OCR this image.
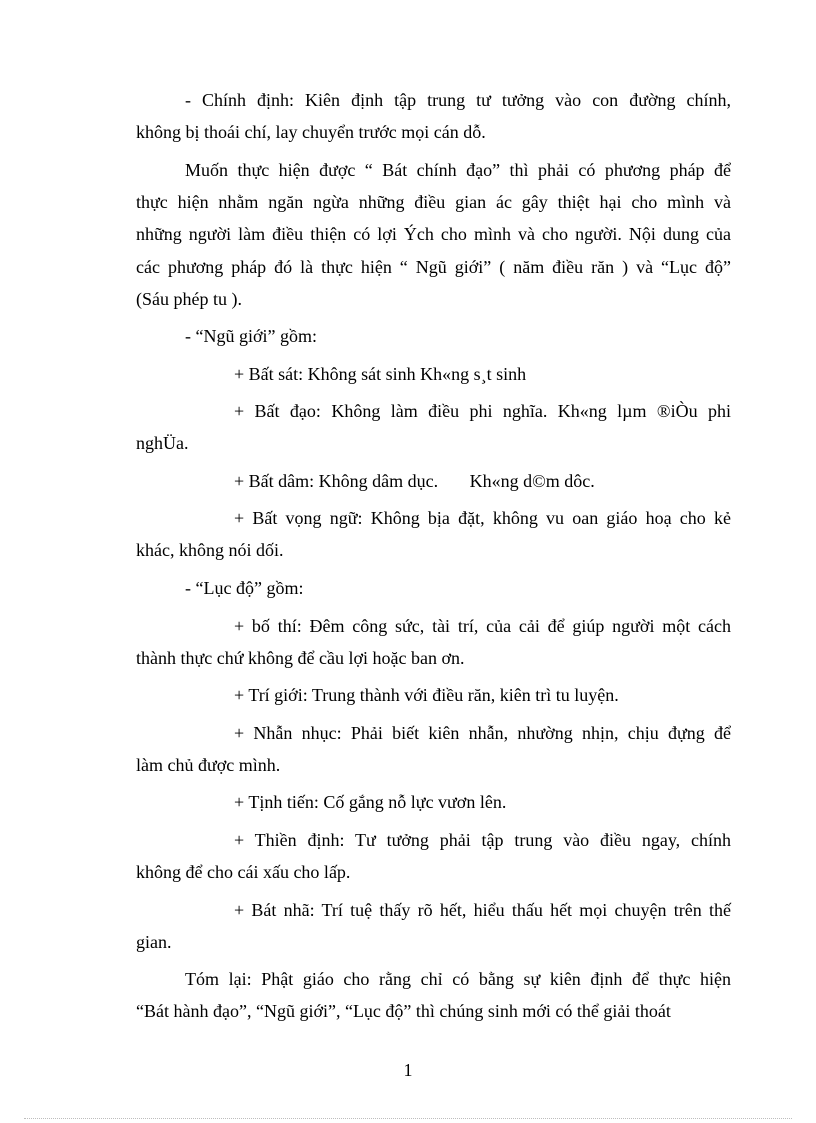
- Chính định: Kiên định tập trung tư tưởng vào con đường chính,
không bị thoái chí, lay chuyển trước mọi cán dỗ.
Muốn thực hiện được “ Bát chính đạo” thì phải có phương pháp để
thực hiện nhằm ngăn ngừa những điều gian ác gây thiệt hại cho mình và
những người làm điều thiện có lợi Ých cho mình và cho người. Nội dung của
các phương pháp đó là thực hiện “ Ngũ giới” ( năm điều răn ) và “Lục độ”
(Sáu phép tu ).
- “Ngũ giới” gồm:
+ Bất sát: Không sát sinh Kh«ng s¸t sinh
+ Bất đạo: Không làm điều phi nghĩa. Kh«ng lµm ®iÒu phi
nghÜa.
+ Bất dâm: Không dâm dục.       Kh«ng d©m dôc.
+ Bất vọng ngữ: Không bịa đặt, không vu oan giáo hoạ cho kẻ
khác, không nói dối.
- “Lục độ” gồm:
+ bố thí: Đêm công sức, tài trí, của cải để giúp người một cách
thành thực chứ không để cầu lợi hoặc ban ơn.
+ Trí giới: Trung thành với điều răn, kiên trì tu luyện.
+ Nhẫn nhục: Phải biết kiên nhẫn, nhường nhịn, chịu đựng để
làm chủ được mình.
+ Tịnh tiến: Cố gắng nỗ lực vươn lên.
+ Thiền định: Tư tưởng phải tập trung vào điều ngay, chính
không để cho cái xấu cho lấp.
+ Bát nhã: Trí tuệ thấy rõ hết, hiểu thấu hết mọi chuyện trên thế
gian.
Tóm lại: Phật giáo cho rằng chỉ có bằng sự kiên định để thực hiện
“Bát hành đạo”, “Ngũ giới”, “Lục độ” thì chúng sinh mới có thể giải thoát
1
